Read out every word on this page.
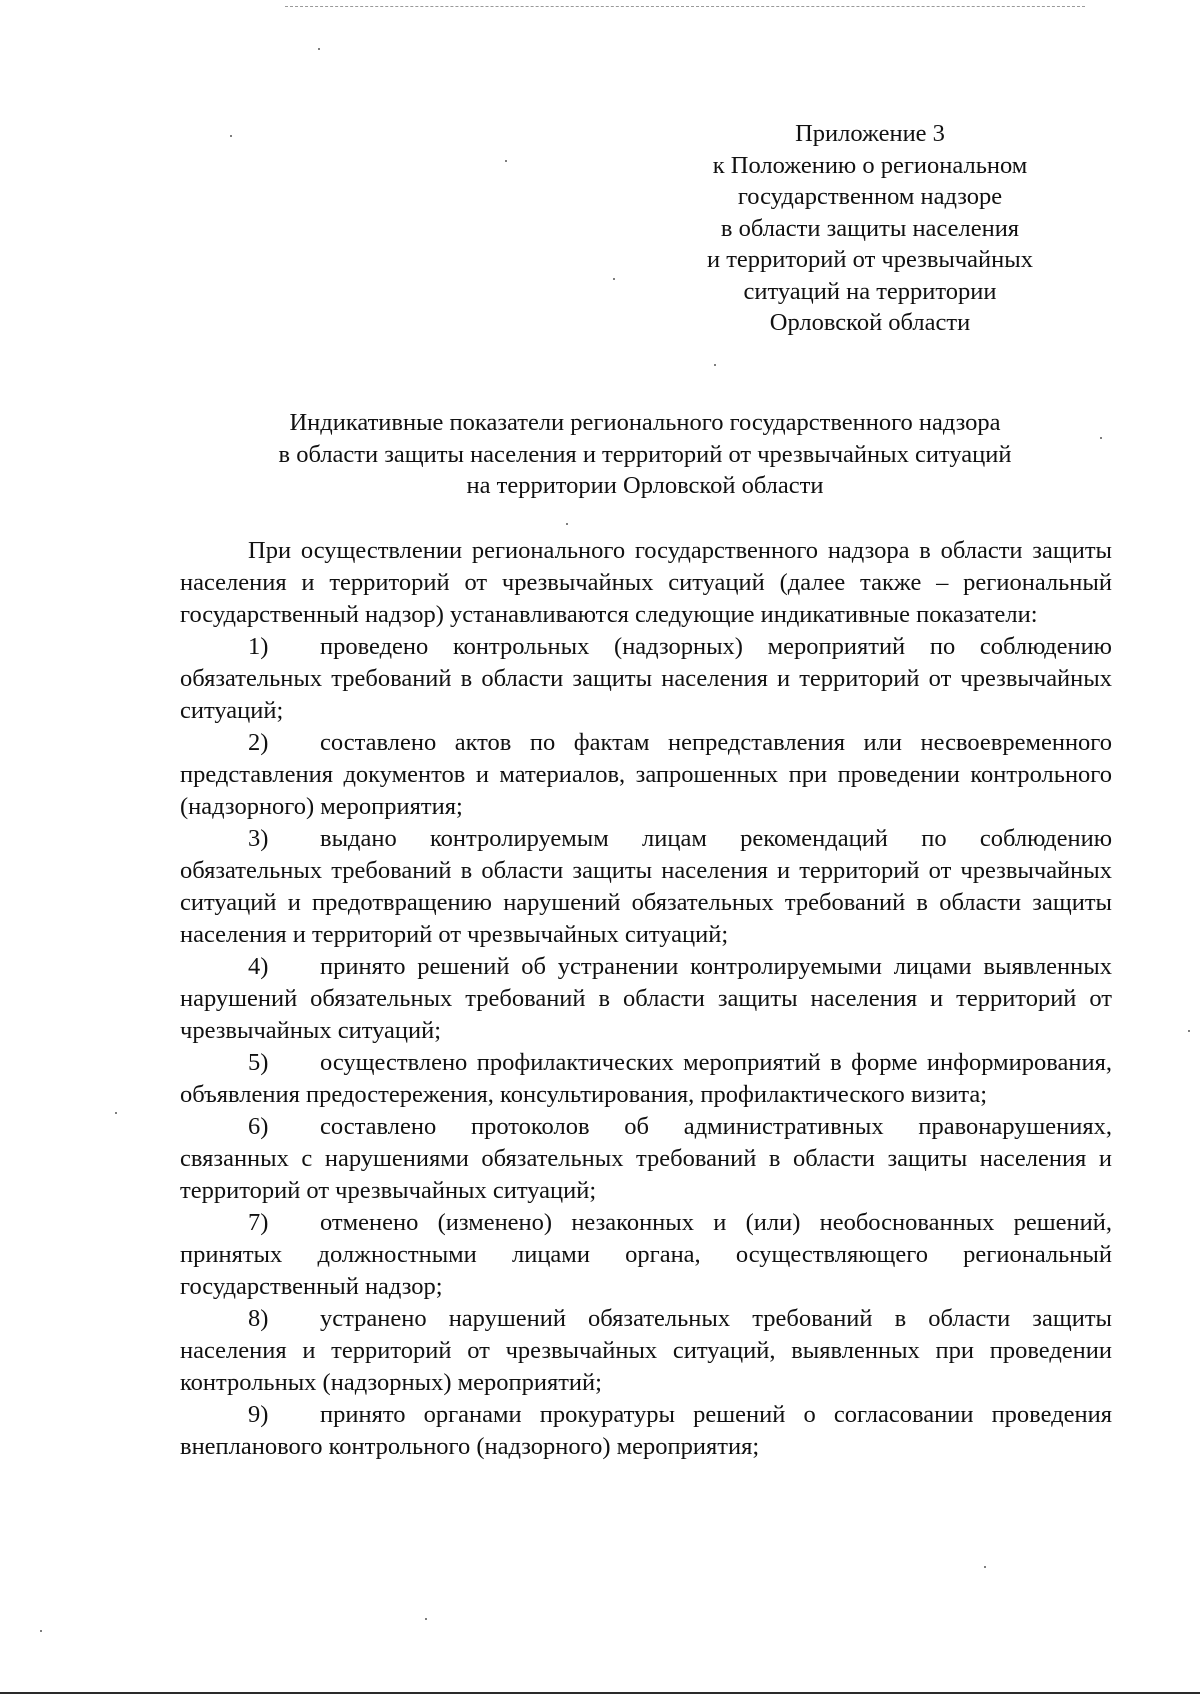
Приложение 3
к Положению о региональном
государственном надзоре
в области защиты населения
и территорий от чрезвычайных
ситуаций на территории
Орловской области
Индикативные показатели регионального государственного надзора
в области защиты населения и территорий от чрезвычайных ситуаций
на территории Орловской области

При осуществлении регионального государственного надзора в области защиты населения и территорий от чрезвычайных ситуаций (далее также – региональный государственный надзор) устанавливаются следующие индикативные показатели:

1) проведено контрольных (надзорных) мероприятий по соблюдению обязательных требований в области защиты населения и территорий от чрезвычайных ситуаций;

2) составлено актов по фактам непредставления или несвоевременного представления документов и материалов, запрошенных при проведении контрольного (надзорного) мероприятия;

3) выдано контролируемым лицам рекомендаций по соблюдению обязательных требований в области защиты населения и территорий от чрезвычайных ситуаций и предотвращению нарушений обязательных требований в области защиты населения и территорий от чрезвычайных ситуаций;

4) принято решений об устранении контролируемыми лицами выявленных нарушений обязательных требований в области защиты населения и территорий от чрезвычайных ситуаций;

5) осуществлено профилактических мероприятий в форме информирования, объявления предостережения, консультирования, профилактического визита;

6) составлено протоколов об административных правонарушениях, связанных с нарушениями обязательных требований в области защиты населения и территорий от чрезвычайных ситуаций;

7) отменено (изменено) незаконных и (или) необоснованных решений, принятых должностными лицами органа, осуществляющего региональный государственный надзор;

8) устранено нарушений обязательных требований в области защиты населения и территорий от чрезвычайных ситуаций, выявленных при проведении контрольных (надзорных) мероприятий;

9) принято органами прокуратуры решений о согласовании проведения внепланового контрольного (надзорного) мероприятия;
